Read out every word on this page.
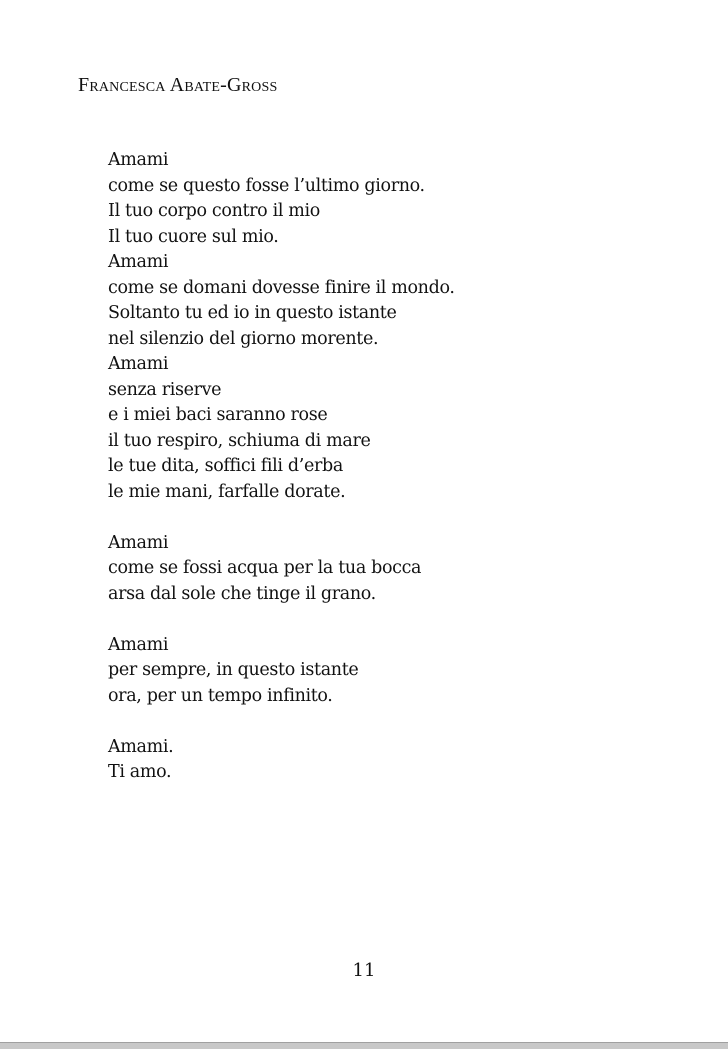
Francesca Abate-Gross
Amami
come se questo fosse l’ultimo giorno.
Il tuo corpo contro il mio
Il tuo cuore sul mio.
Amami
come se domani dovesse finire il mondo.
Soltanto tu ed io in questo istante
nel silenzio del giorno morente.
Amami
senza riserve
e i miei baci saranno rose
il tuo respiro, schiuma di mare
le tue dita, soffici fili d’erba
le mie mani, farfalle dorate.
Amami
come se fossi acqua per la tua bocca
arsa dal sole che tinge il grano.
Amami
per sempre, in questo istante
ora, per un tempo infinito.
Amami.
Ti amo.
11
